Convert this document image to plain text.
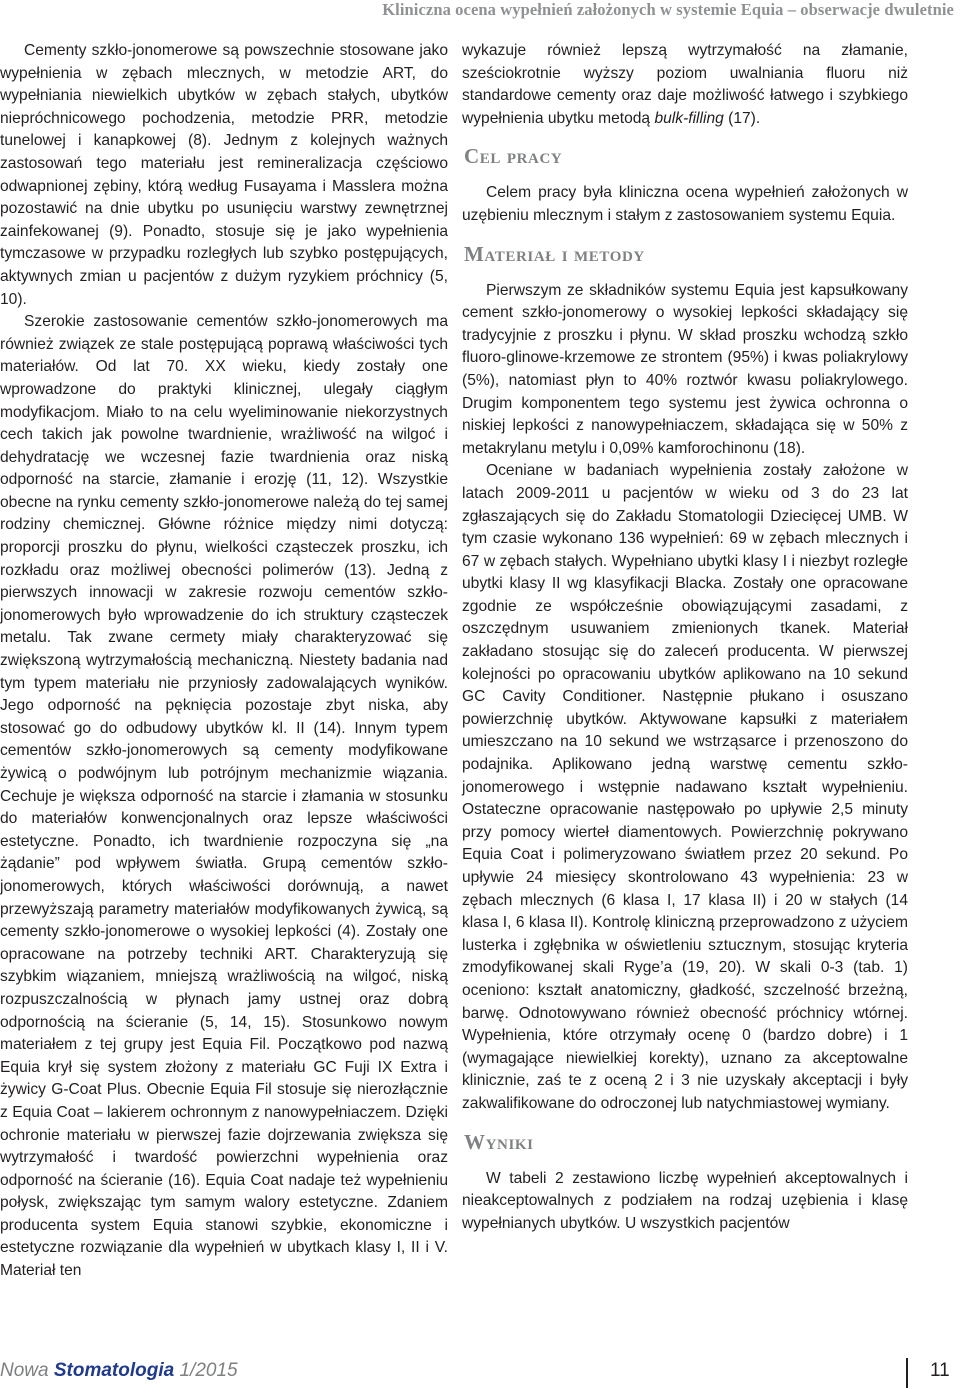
Kliniczna ocena wypełnień założonych w systemie Equia – obserwacje dwuletnie

Cementy szkło-jonomerowe są powszechnie stosowane jako wypełnienia w zębach mlecznych, w metodzie ART, do wypełniania niewielkich ubytków w zębach stałych, ubytków niepróchnicowego pochodzenia, metodzie PRR, metodzie tunelowej i kanapkowej (8). Jednym z kolejnych ważnych zastosowań tego materiału jest remineralizacja częściowo odwapnionej zębiny, którą według Fusayama i Masslera można pozostawić na dnie ubytku po usunięciu warstwy zewnętrznej zainfekowanej (9). Ponadto, stosuje się je jako wypełnienia tymczasowe w przypadku rozległych lub szybko postępujących, aktywnych zmian u pacjentów z dużym ryzykiem próchnicy (5, 10).

Szerokie zastosowanie cementów szkło-jonomerowych ma również związek ze stale postępującą poprawą właściwości tych materiałów. Od lat 70. XX wieku, kiedy zostały one wprowadzone do praktyki klinicznej, ulegały ciągłym modyfikacjom. Miało to na celu wyeliminowanie niekorzystnych cech takich jak powolne twardnienie, wrażliwość na wilgoć i dehydratację we wczesnej fazie twardnienia oraz niską odporność na starcie, złamanie i erozję (11, 12). Wszystkie obecne na rynku cementy szkło-jonomerowe należą do tej samej rodziny chemicznej. Główne różnice między nimi dotyczą: proporcji proszku do płynu, wielkości cząsteczek proszku, ich rozkładu oraz możliwej obecności polimerów (13). Jedną z pierwszych innowacji w zakresie rozwoju cementów szkło-jonomerowych było wprowadzenie do ich struktury cząsteczek metalu. Tak zwane cermety miały charakteryzować się zwiększoną wytrzymałością mechaniczną. Niestety badania nad tym typem materiału nie przyniosły zadowalających wyników. Jego odporność na pęknięcia pozostaje zbyt niska, aby stosować go do odbudowy ubytków kl. II (14). Innym typem cementów szkło-jonomerowych są cementy modyfikowane żywicą o podwójnym lub potrójnym mechanizmie wiązania. Cechuje je większa odporność na starcie i złamania w stosunku do materiałów konwencjonalnych oraz lepsze właściwości estetyczne. Ponadto, ich twardnienie rozpoczyna się „na żądanie” pod wpływem światła. Grupą cementów szkło-jonomerowych, których właściwości dorównują, a nawet przewyższają parametry materiałów modyfikowanych żywicą, są cementy szkło-jonomerowe o wysokiej lepkości (4). Zostały one opracowane na potrzeby techniki ART. Charakteryzują się szybkim wiązaniem, mniejszą wrażliwością na wilgoć, niską rozpuszczalnością w płynach jamy ustnej oraz dobrą odpornością na ścieranie (5, 14, 15). Stosunkowo nowym materiałem z tej grupy jest Equia Fil. Początkowo pod nazwą Equia krył się system złożony z materiału GC Fuji IX Extra i żywicy G-Coat Plus. Obecnie Equia Fil stosuje się nierozłącznie z Equia Coat – lakierem ochronnym z nanowypełniaczem. Dzięki ochronie materiału w pierwszej fazie dojrzewania zwiększa się wytrzymałość i twardość powierzchni wypełnienia oraz odporność na ścieranie (16). Equia Coat nadaje też wypełnieniu połysk, zwiększając tym samym walory estetyczne. Zdaniem producenta system Equia stanowi szybkie, ekonomiczne i estetyczne rozwiązanie dla wypełnień w ubytkach klasy I, II i V. Materiał ten

wykazuje również lepszą wytrzymałość na złamanie, sześciokrotnie wyższy poziom uwalniania fluoru niż standardowe cementy oraz daje możliwość łatwego i szybkiego wypełnienia ubytku metodą bulk-filling (17).

Cel pracy

Celem pracy była kliniczna ocena wypełnień założonych w uzębieniu mlecznym i stałym z zastosowaniem systemu Equia.

Materiał i metody

Pierwszym ze składników systemu Equia jest kapsułkowany cement szkło-jonomerowy o wysokiej lepkości składający się tradycyjnie z proszku i płynu. W skład proszku wchodzą szkło fluoro-glinowe-krzemowe ze strontem (95%) i kwas poliakrylowy (5%), natomiast płyn to 40% roztwór kwasu poliakrylowego. Drugim komponentem tego systemu jest żywica ochronna o niskiej lepkości z nanowypełniaczem, składająca się w 50% z metakrylanu metylu i 0,09% kamforochinonu (18).

Oceniane w badaniach wypełnienia zostały założone w latach 2009-2011 u pacjentów w wieku od 3 do 23 lat zgłaszających się do Zakładu Stomatologii Dziecięcej UMB. W tym czasie wykonano 136 wypełnień: 69 w zębach mlecznych i 67 w zębach stałych. Wypełniano ubytki klasy I i niezbyt rozległe ubytki klasy II wg klasyfikacji Blacka. Zostały one opracowane zgodnie ze współcześnie obowiązującymi zasadami, z oszczędnym usuwaniem zmienionych tkanek. Materiał zakładano stosując się do zaleceń producenta. W pierwszej kolejności po opracowaniu ubytków aplikowano na 10 sekund GC Cavity Conditioner. Następnie płukano i osuszano powierzchnię ubytków. Aktywowane kapsułki z materiałem umieszczano na 10 sekund we wstrząsarce i przenoszono do podajnika. Aplikowano jedną warstwę cementu szkło-jonomerowego i wstępnie nadawano kształt wypełnieniu. Ostateczne opracowanie następowało po upływie 2,5 minuty przy pomocy wierteł diamentowych. Powierzchnię pokrywano Equia Coat i polimeryzowano światłem przez 20 sekund. Po upływie 24 miesięcy skontrolowano 43 wypełnienia: 23 w zębach mlecznych (6 klasa I, 17 klasa II) i 20 w stałych (14 klasa I, 6 klasa II). Kontrolę kliniczną przeprowadzono z użyciem lusterka i zgłębnika w oświetleniu sztucznym, stosując kryteria zmodyfikowanej skali Ryge’a (19, 20). W skali 0-3 (tab. 1) oceniono: kształt anatomiczny, gładkość, szczelność brzeżną, barwę. Odnotowywano również obecność próchnicy wtórnej. Wypełnienia, które otrzymały ocenę 0 (bardzo dobre) i 1 (wymagające niewielkiej korekty), uznano za akceptowalne klinicznie, zaś te z oceną 2 i 3 nie uzyskały akceptacji i były zakwalifikowane do odroczonej lub natychmiastowej wymiany.

Wyniki

W tabeli 2 zestawiono liczbę wypełnień akceptowalnych i nieakceptowalnych z podziałem na rodzaj uzębienia i klasę wypełnianych ubytków. U wszystkich pacjentów

Nowa Stomatologia 1/2015	11
